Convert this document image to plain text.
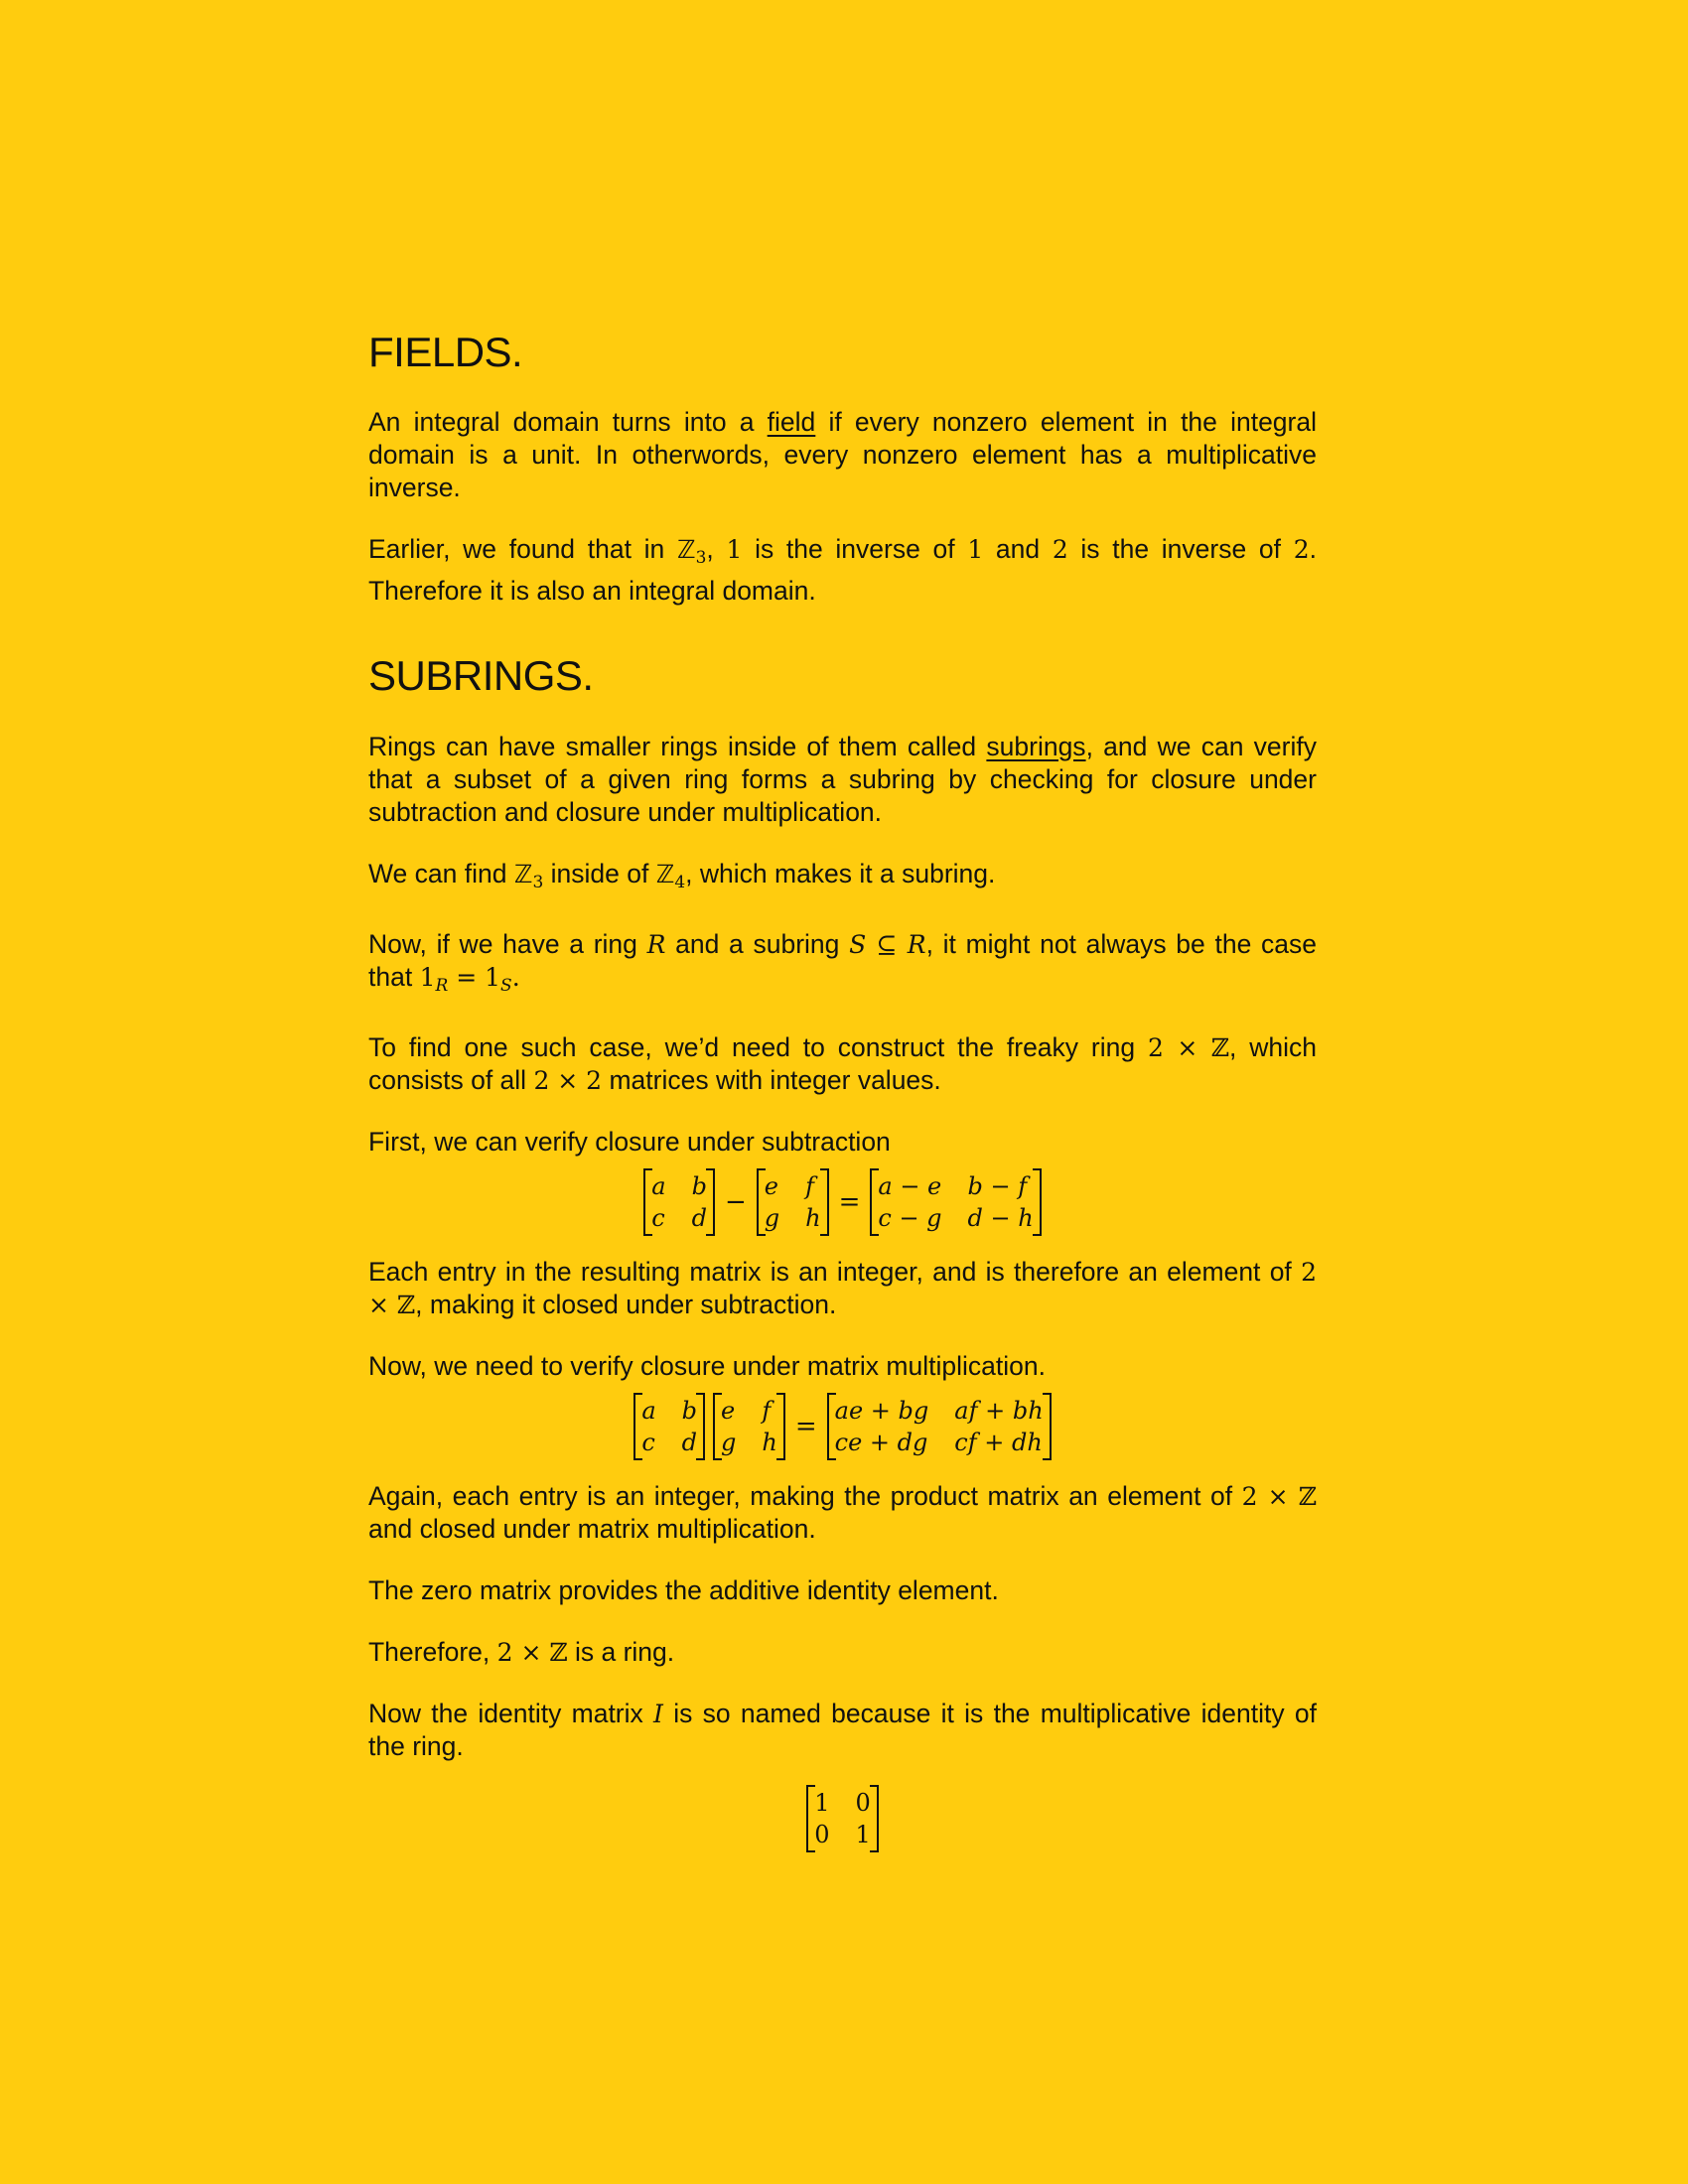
FIELDS.

An integral domain turns into a field if every nonzero element in the integral domain is a unit. In otherwords, every nonzero element has a multiplicative inverse.

Earlier, we found that in ℤ$_3$, 1 is the inverse of 1 and 2 is the inverse of 2. Therefore it is also an integral domain.

SUBRINGS.

Rings can have smaller rings inside of them called subrings, and we can verify that a subset of a given ring forms a subring by checking for closure under subtraction and closure under multiplication.

We can find ℤ$_3$ inside of ℤ$_4$, which makes it a subring.

Now, if we have a ring R and a subring S ⊆ R, it might not always be the case that 1R = 1S.

To find one such case, we’d need to construct the freaky ring 2 × ℤ, which consists of all 2 × 2 matrices with integer values.

First, we can verify closure under subtraction

a b
c d
−
e f
g h
=
a − e b − f
c − g d − h

Each entry in the resulting matrix is an integer, and is therefore an element of 2 × ℤ, making it closed under subtraction.

Now, we need to verify closure under matrix multiplication.

a b
c d
e f
g h
=
ae + bg af + bh
ce + dg cf + dh

Again, each entry is an integer, making the product matrix an element of 2 × ℤ and closed under matrix multiplication.

The zero matrix provides the additive identity element.

Therefore, 2 × ℤ is a ring.

Now the identity matrix I is so named because it is the multiplicative identity of the ring.

1 0
0 1
